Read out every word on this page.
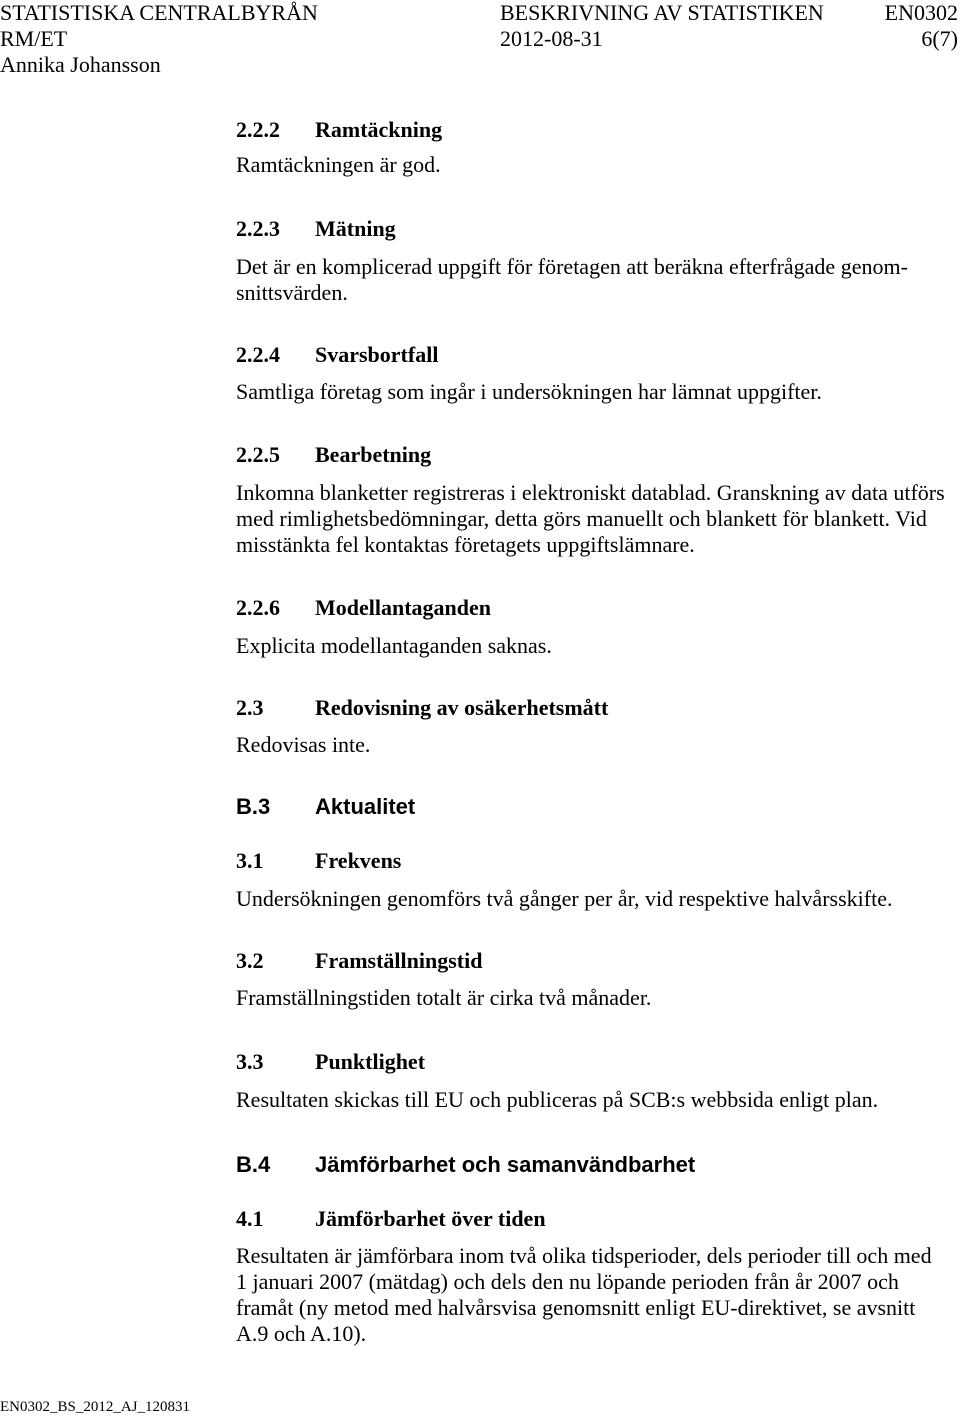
STATISTISKA CENTRALBYRÅN	BESKRIVNING AV STATISTIKEN	EN0302
RM/ET	2012-08-31	6(7)
Annika Johansson
2.2.2 Ramtäckning
Ramtäckningen är god.
2.2.3 Mätning
Det är en komplicerad uppgift för företagen att beräkna efterfrågade genom-
snittsvärden.
2.2.4 Svarsbortfall
Samtliga företag som ingår i undersökningen har lämnat uppgifter.
2.2.5 Bearbetning
Inkomna blanketter registreras i elektroniskt datablad. Granskning av data utförs
med rimlighetsbedömningar, detta görs manuellt och blankett för blankett. Vid
misstänkta fel kontaktas företagets uppgiftslämnare.
2.2.6 Modellantaganden
Explicita modellantaganden saknas.
2.3 Redovisning av osäkerhetsmått
Redovisas inte.
B.3 Aktualitet
3.1 Frekvens
Undersökningen genomförs två gånger per år, vid respektive halvårsskifte.
3.2 Framställningstid
Framställningstiden totalt är cirka två månader.
3.3 Punktlighet
Resultaten skickas till EU och publiceras på SCB:s webbsida enligt plan.
B.4 Jämförbarhet och samanvändbarhet
4.1 Jämförbarhet över tiden
Resultaten är jämförbara inom två olika tidsperioder, dels perioder till och med
1 januari 2007 (mätdag) och dels den nu löpande perioden från år 2007 och
framåt (ny metod med halvårsvisa genomsnitt enligt EU-direktivet, se avsnitt
A.9 och A.10).
EN0302_BS_2012_AJ_120831
